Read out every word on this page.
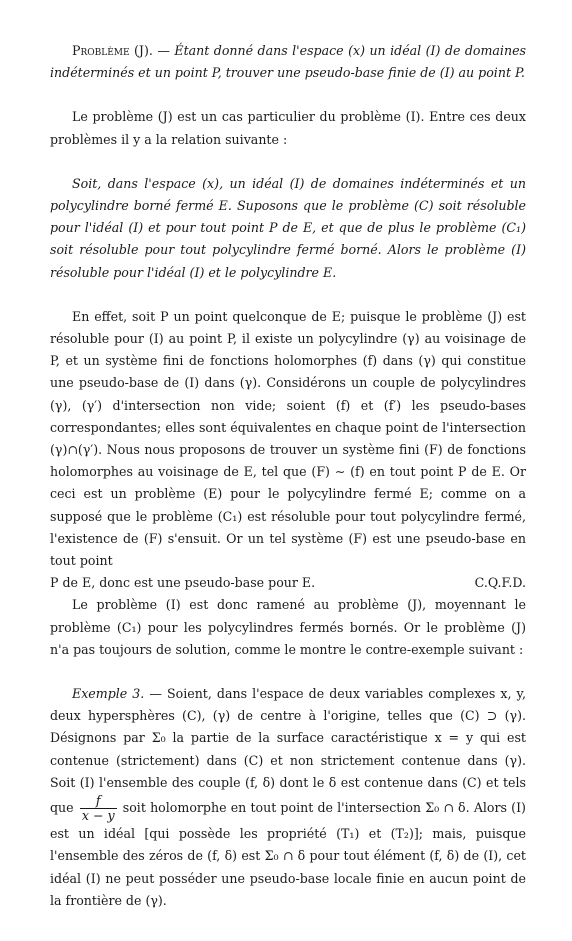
Problème (J). — Étant donné dans l'espace (x) un idéal (I) de domaines indéterminés et un point P, trouver une pseudo-base finie de (I) au point P.

Le problème (J) est un cas particulier du problème (I). Entre ces deux problèmes il y a la relation suivante :

Soit, dans l'espace (x), un idéal (I) de domaines indéterminés et un polycylindre borné fermé E. Suposons que le problème (C) soit résoluble pour l'idéal (I) et pour tout point P de E, et que de plus le problème (C₁) soit résoluble pour tout polycylindre fermé borné. Alors le problème (I) résoluble pour l'idéal (I) et le polycylindre E.

En effet, soit P un point quelconque de E; puisque le problème (J) est résoluble pour (I) au point P, il existe un polycylindre (γ) au voisinage de P, et un système fini de fonctions holomorphes (f) dans (γ) qui constitue une pseudo-base de (I) dans (γ). Considérons un couple de polycylindres (γ), (γ′) d'intersection non vide; soient (f) et (f′) les pseudo-bases correspondantes; elles sont équivalentes en chaque point de l'intersection (γ)∩(γ′). Nous nous proposons de trouver un système fini (F) de fonctions holomorphes au voisinage de E, tel que (F) ∼ (f) en tout point P de E. Or ceci est un problème (E) pour le polycylindre fermé E; comme on a supposé que le problème (C₁) est résoluble pour tout polycylindre fermé, l'existence de (F) s'ensuit. Or un tel système (F) est une pseudo-base en tout point

P de E, donc est une pseudo-base pour E.	C.Q.F.D.

Le problème (I) est donc ramené au problème (J), moyennant le problème (C₁) pour les polycylindres fermés bornés. Or le problème (J) n'a pas toujours de solution, comme le montre le contre-exemple suivant :

Exemple 3. — Soient, dans l'espace de deux variables complexes x, y, deux hypersphères (C), (γ) de centre à l'origine, telles que (C) ⊃ (γ). Désignons par Σ₀ la partie de la surface caractéristique x = y qui est contenue (strictement) dans (C) et non strictement contenue dans (γ). Soit (I) l'ensemble des couple (f, δ) dont le δ est contenue dans (C) et tels que $\frac{f}{x - y}$ soit holomorphe en tout point de l'intersection Σ₀ ∩ δ. Alors (I) est un idéal [qui possède les propriété (T₁) et (T₂)]; mais, puisque l'ensemble des zéros de (f, δ) est Σ₀ ∩ δ pour tout élément (f, δ) de (I), cet idéal (I) ne peut posséder une pseudo-base locale finie en aucun point de la frontière de (γ).
